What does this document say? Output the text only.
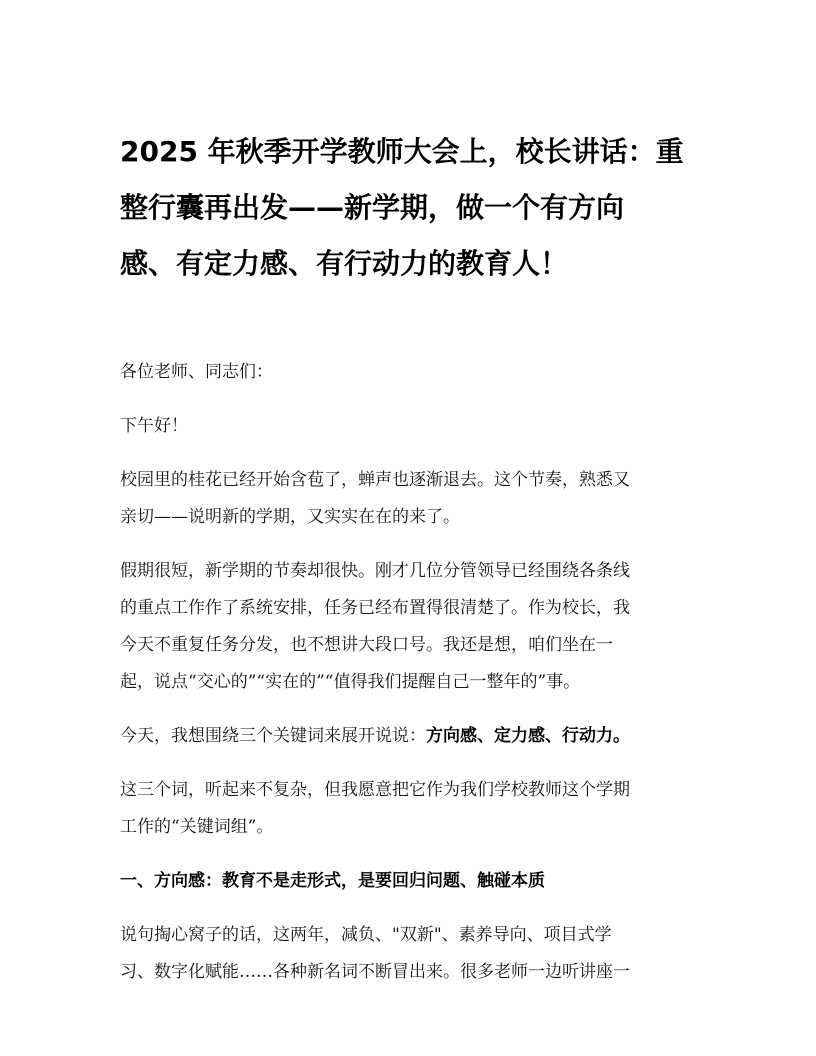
2025 年秋季开学教师大会上，校长讲话：重
整行囊再出发——新学期，做一个有方向
感、有定力感、有行动力的教育人！

各位老师、同志们：

下午好！

校园里的桂花已经开始含苞了，蝉声也逐渐退去。这个节奏，熟悉又
亲切——说明新的学期，又实实在在的来了。

假期很短，新学期的节奏却很快。刚才几位分管领导已经围绕各条线
的重点工作作了系统安排，任务已经布置得很清楚了。作为校长，我
今天不重复任务分发，也不想讲大段口号。我还是想，咱们坐在一
起，说点“交心的”“实在的”“值得我们提醒自己一整年的”事。

今天，我想围绕三个关键词来展开说说：方向感、定力感、行动力。

这三个词，听起来不复杂，但我愿意把它作为我们学校教师这个学期
工作的“关键词组”。

一、方向感：教育不是走形式，是要回归问题、触碰本质

说句掏心窝子的话，这两年，减负、"双新"、素养导向、项目式学
习、数字化赋能……各种新名词不断冒出来。很多老师一边听讲座一
